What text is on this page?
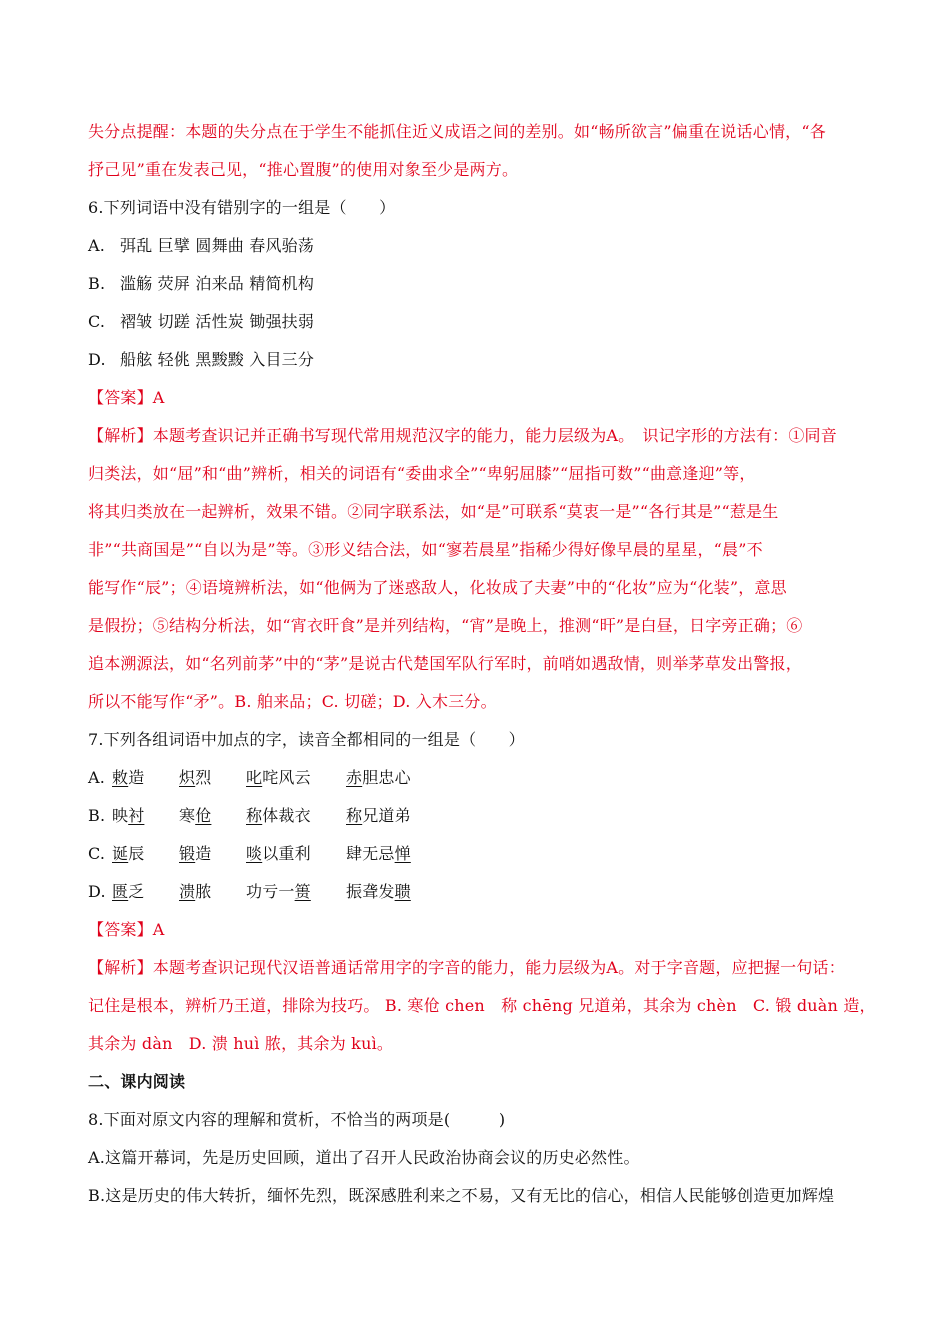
失分点提醒：本题的失分点在于学生不能抓住近义成语之间的差别。如“畅所欲言”偏重在说话心情，“各
抒己见”重在发表己见，“推心置腹”的使用对象至少是两方。
6.下列词语中没有错别字的一组是（　　）
A. 弭乱 巨擘 圆舞曲 春风骀荡
B. 滥觞 荧屏 泊来品 精简机构
C. 褶皱 切蹉 活性炭 锄强扶弱
D. 船舷 轻佻 黑黢黢 入目三分
【答案】A
【解析】本题考查识记并正确书写现代常用规范汉字的能力，能力层级为A。　识记字形的方法有：①同音
归类法，如“屈”和“曲”辨析，相关的词语有“委曲求全”“卑躬屈膝”“屈指可数”“曲意逢迎”等，
将其归类放在一起辨析，效果不错。②同字联系法，如“是”可联系“莫衷一是”“各行其是”“惹是生
非”“共商国是”“自以为是”等。③形义结合法，如“寥若晨星”指稀少得好像早晨的星星，“晨”不
能写作“辰”；④语境辨析法，如“他俩为了迷惑敌人，化妆成了夫妻”中的“化妆”应为“化装”，意思
是假扮；⑤结构分析法，如“宵衣旰食”是并列结构，“宵”是晚上，推测“旰”是白昼，日字旁正确；⑥
追本溯源法，如“名列前茅”中的“茅”是说古代楚国军队行军时，前哨如遇敌情，则举茅草发出警报，
所以不能写作“矛”。B. 舶来品；C. 切磋；D. 入木三分。
7.下列各组词语中加点的字，读音全都相同的一组是（　　）
A. 敕造 炽烈 叱咤风云 赤胆忠心
B. 映衬 寒伧 称体裁衣 称兄道弟
C. 诞辰 锻造 啖以重利 肆无忌惮
D. 匮乏 溃脓 功亏一篑 振聋发聩
【答案】A
【解析】本题考查识记现代汉语普通话常用字的字音的能力，能力层级为A。对于字音题，应把握一句话：
记住是根本，辨析乃王道，排除为技巧。 B. 寒伧 chen　称 chēng 兄道弟，其余为 chèn　C. 锻 duàn 造，
其余为 dàn　D. 溃 huì 脓，其余为 kuì。
二、课内阅读
8.下面对原文内容的理解和赏析，不恰当的两项是(　　　)
A.这篇开幕词，先是历史回顾，道出了召开人民政治协商会议的历史必然性。
B.这是历史的伟大转折，缅怀先烈，既深感胜利来之不易，又有无比的信心，相信人民能够创造更加辉煌
